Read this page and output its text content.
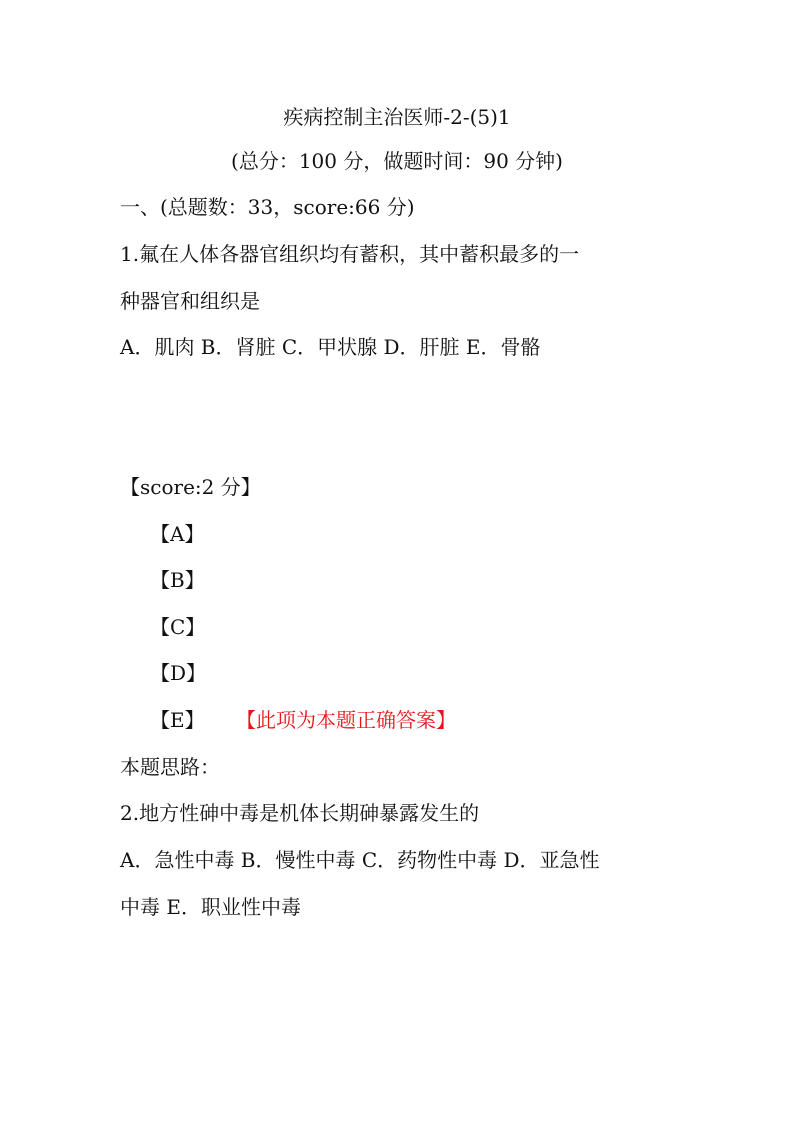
疾病控制主治医师-2-(5)1
(总分：100 分，做题时间：90 分钟)
一、(总题数：33，score:66 分)
1.氟在人体各器官组织均有蓄积，其中蓄积最多的一
种器官和组织是
A．肌肉 B．肾脏 C．甲状腺 D．肝脏 E．骨骼
【score:2 分】
【A】
【B】
【C】
【D】
【E】 【此项为本题正确答案】
本题思路：
2.地方性砷中毒是机体长期砷暴露发生的
A．急性中毒 B．慢性中毒 C．药物性中毒 D．亚急性
中毒 E．职业性中毒
